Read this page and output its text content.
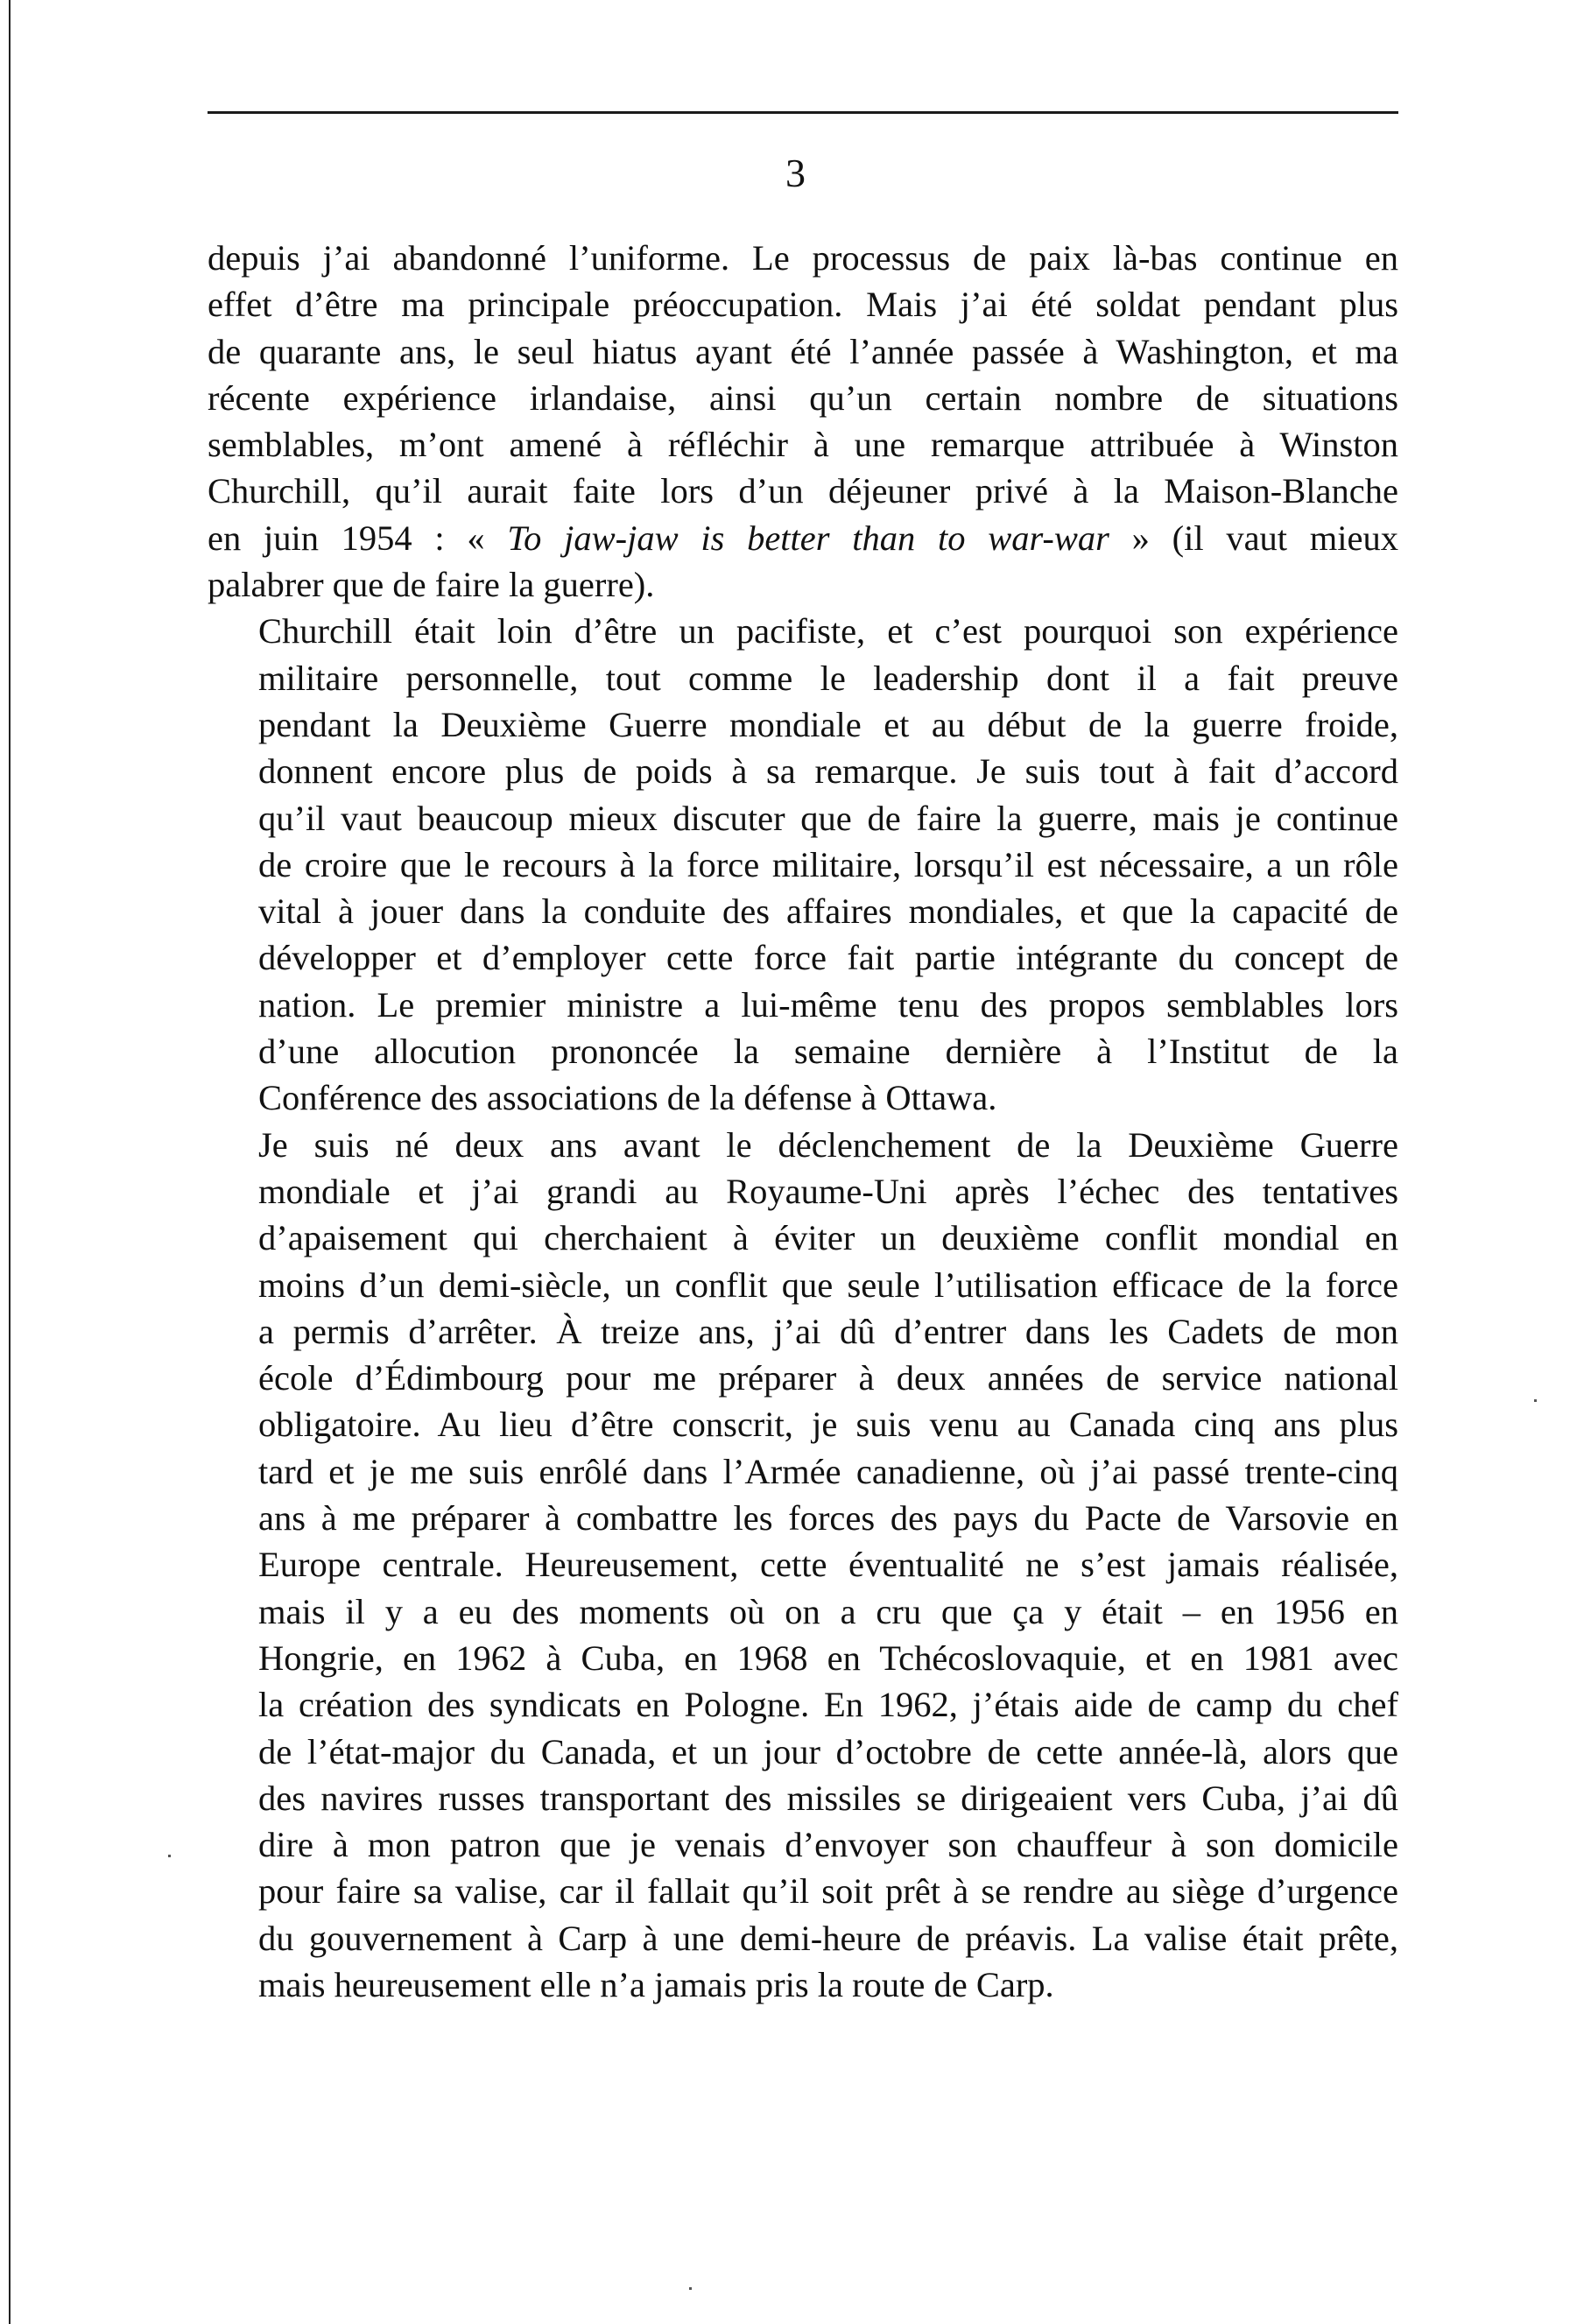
3

depuis j’ai abandonné l’uniforme. Le processus de paix là-bas continue en
effet d’être ma principale préoccupation. Mais j’ai été soldat pendant plus
de quarante ans, le seul hiatus ayant été l’année passée à Washington, et ma
récente expérience irlandaise, ainsi qu’un certain nombre de situations
semblables, m’ont amené à réfléchir à une remarque attribuée à Winston
Churchill, qu’il aurait faite lors d’un déjeuner privé à la Maison-Blanche
en juin 1954 : « To jaw-jaw is better than to war-war » (il vaut mieux
palabrer que de faire la guerre).

Churchill était loin d’être un pacifiste, et c’est pourquoi son expérience
militaire personnelle, tout comme le leadership dont il a fait preuve
pendant la Deuxième Guerre mondiale et au début de la guerre froide,
donnent encore plus de poids à sa remarque. Je suis tout à fait d’accord
qu’il vaut beaucoup mieux discuter que de faire la guerre, mais je continue
de croire que le recours à la force militaire, lorsqu’il est nécessaire, a un rôle
vital à jouer dans la conduite des affaires mondiales, et que la capacité de
développer et d’employer cette force fait partie intégrante du concept de
nation. Le premier ministre a lui-même tenu des propos semblables lors
d’une allocution prononcée la semaine dernière à l’Institut de la
Conférence des associations de la défense à Ottawa.

Je suis né deux ans avant le déclenchement de la Deuxième Guerre
mondiale et j’ai grandi au Royaume-Uni après l’échec des tentatives
d’apaisement qui cherchaient à éviter un deuxième conflit mondial en
moins d’un demi-siècle, un conflit que seule l’utilisation efficace de la force
a permis d’arrêter. À treize ans, j’ai dû d’entrer dans les Cadets de mon
école d’Édimbourg pour me préparer à deux années de service national
obligatoire. Au lieu d’être conscrit, je suis venu au Canada cinq ans plus
tard et je me suis enrôlé dans l’Armée canadienne, où j’ai passé trente-cinq
ans à me préparer à combattre les forces des pays du Pacte de Varsovie en
Europe centrale. Heureusement, cette éventualité ne s’est jamais réalisée,
mais il y a eu des moments où on a cru que ça y était – en 1956 en
Hongrie, en 1962 à Cuba, en 1968 en Tchécoslovaquie, et en 1981 avec
la création des syndicats en Pologne. En 1962, j’étais aide de camp du chef
de l’état-major du Canada, et un jour d’octobre de cette année-là, alors que
des navires russes transportant des missiles se dirigeaient vers Cuba, j’ai dû
dire à mon patron que je venais d’envoyer son chauffeur à son domicile
pour faire sa valise, car il fallait qu’il soit prêt à se rendre au siège d’urgence
du gouvernement à Carp à une demi-heure de préavis. La valise était prête,
mais heureusement elle n’a jamais pris la route de Carp.
